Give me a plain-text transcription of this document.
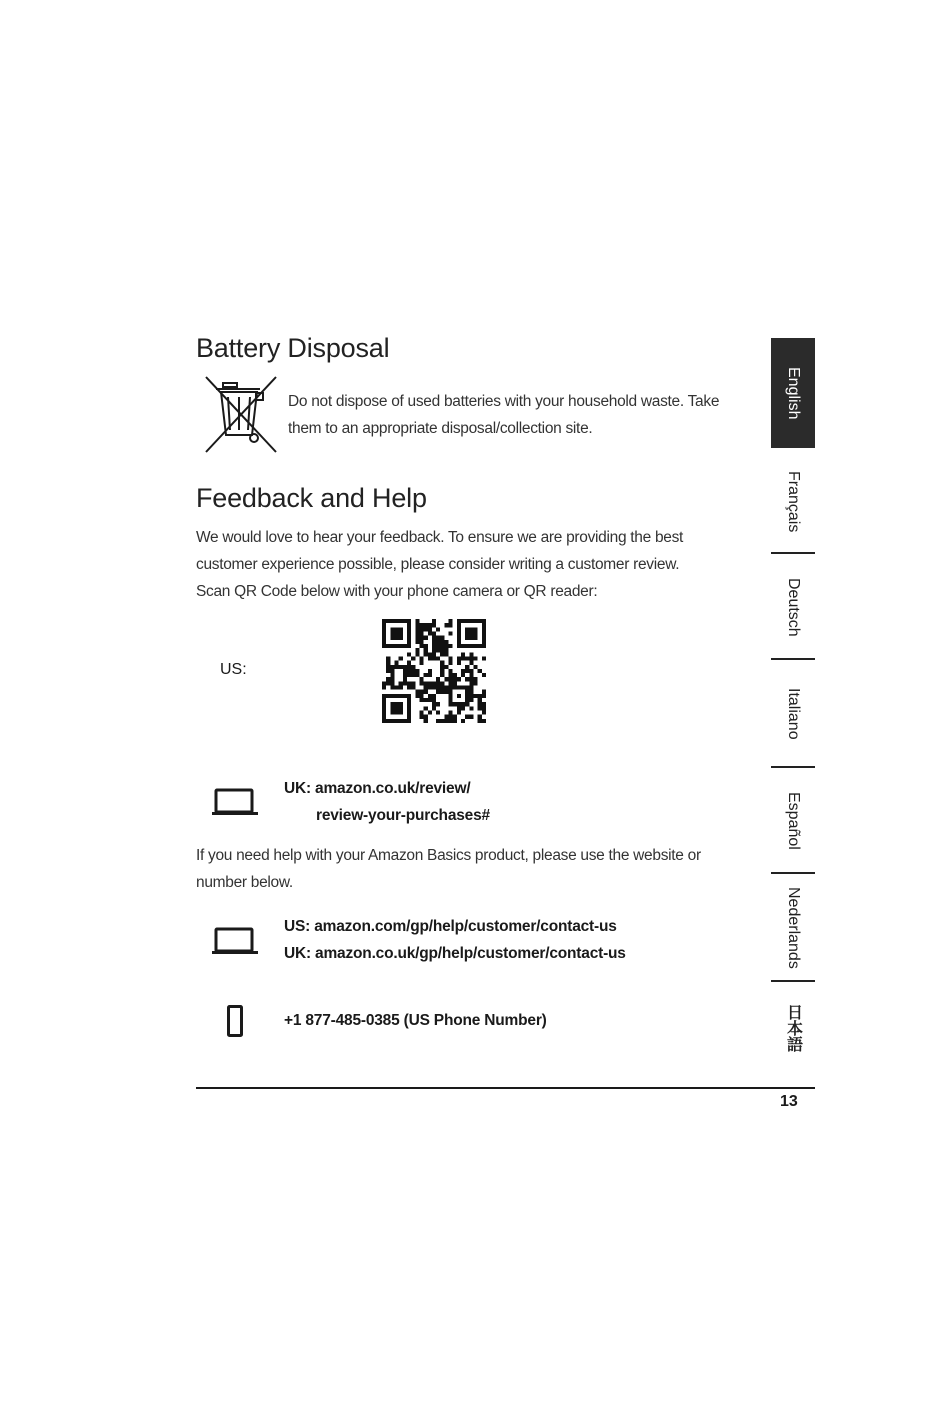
Battery Disposal
Do not dispose of used batteries with your household waste. Take
them to an appropriate disposal/collection site.
Feedback and Help
We would love to hear your feedback. To ensure we are providing the best
customer experience possible, please consider writing a customer review.
Scan QR Code below with your phone camera or QR reader:
US:
UK: amazon.co.uk/review/
review-your-purchases#
If you need help with your Amazon Basics product, please use the website or
number below.
US: amazon.com/gp/help/customer/contact-us
UK: amazon.co.uk/gp/help/customer/contact-us
+1 877-485-0385 (US Phone Number)
English
Français
Deutsch
Italiano
Español
Nederlands
日本語
13
